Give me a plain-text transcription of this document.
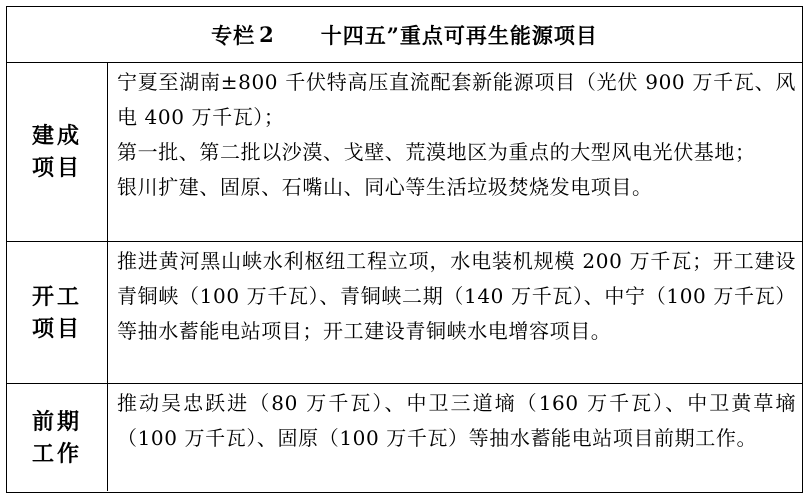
专栏 2 十四五”重点可再生能源项目
建成
项目

宁夏至湖南±800 千伏特高压直流配套新能源项目（光伏 900 万千瓦、风电 400 万千瓦）；

第一批、第二批以沙漠、戈壁、荒漠地区为重点的大型风电光伏基地；

银川扩建、固原、石嘴山、同心等生活垃圾焚烧发电项目。

开工
项目

推进黄河黑山峡水利枢纽工程立项，水电装机规模 200 万千瓦；开工建设青铜峡（100 万千瓦）、青铜峡二期（140 万千瓦）、中宁（100 万千瓦）等抽水蓄能电站项目；开工建设青铜峡水电增容项目。

前期
工作

推动吴忠跃进（80 万千瓦）、中卫三道墒（160 万千瓦）、中卫黄草墒（100 万千瓦）、固原（100 万千瓦）等抽水蓄能电站项目前期工作。
